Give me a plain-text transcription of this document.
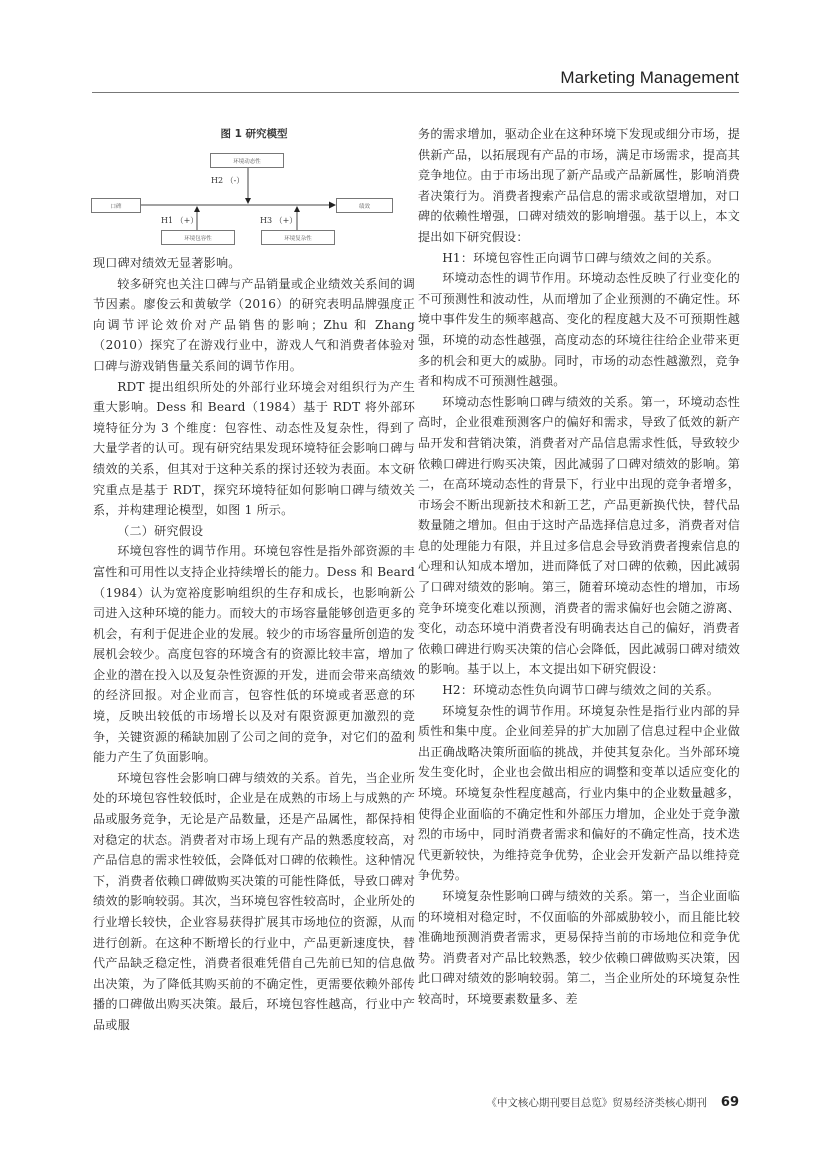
Marketing Management
图 1 研究模型
环境动态性
口碑	绩效
环境包容性	环境复杂性
H2 （-）
H1 （+）	H3 （+）

现口碑对绩效无显著影响。

较多研究也关注口碑与产品销量或企业绩效关系间的调节因素。廖俊云和黄敏学（2016）的研究表明品牌强度正向调节评论效价对产品销售的影响；Zhu 和 Zhang（2010）探究了在游戏行业中，游戏人气和消费者体验对口碑与游戏销售量关系间的调节作用。

RDT 提出组织所处的外部行业环境会对组织行为产生重大影响。Dess 和 Beard（1984）基于 RDT 将外部环境特征分为 3 个维度：包容性、动态性及复杂性，得到了大量学者的认可。现有研究结果发现环境特征会影响口碑与绩效的关系，但其对于这种关系的探讨还较为表面。本文研究重点是基于 RDT，探究环境特征如何影响口碑与绩效关系，并构建理论模型，如图 1 所示。

（二）研究假设

环境包容性的调节作用。环境包容性是指外部资源的丰富性和可用性以支持企业持续增长的能力。Dess 和 Beard（1984）认为宽裕度影响组织的生存和成长，也影响新公司进入这种环境的能力。而较大的市场容量能够创造更多的机会，有利于促进企业的发展。较少的市场容量所创造的发展机会较少。高度包容的环境含有的资源比较丰富，增加了企业的潜在投入以及复杂性资源的开发，进而会带来高绩效的经济回报。对企业而言，包容性低的环境或者恶意的环境，反映出较低的市场增长以及对有限资源更加激烈的竞争，关键资源的稀缺加剧了公司之间的竞争，对它们的盈利能力产生了负面影响。

环境包容性会影响口碑与绩效的关系。首先，当企业所处的环境包容性较低时，企业是在成熟的市场上与成熟的产品或服务竞争，无论是产品数量，还是产品属性，都保持相对稳定的状态。消费者对市场上现有产品的熟悉度较高，对产品信息的需求性较低，会降低对口碑的依赖性。这种情况下，消费者依赖口碑做购买决策的可能性降低，导致口碑对绩效的影响较弱。其次，当环境包容性较高时，企业所处的行业增长较快，企业容易获得扩展其市场地位的资源，从而进行创新。在这种不断增长的行业中，产品更新速度快，替代产品缺乏稳定性，消费者很难凭借自己先前已知的信息做出决策，为了降低其购买前的不确定性，更需要依赖外部传播的口碑做出购买决策。最后，环境包容性越高，行业中产品或服

务的需求增加，驱动企业在这种环境下发现或细分市场，提供新产品，以拓展现有产品的市场，满足市场需求，提高其竞争地位。由于市场出现了新产品或产品新属性，影响消费者决策行为。消费者搜索产品信息的需求或欲望增加，对口碑的依赖性增强，口碑对绩效的影响增强。基于以上，本文提出如下研究假设：

H1：环境包容性正向调节口碑与绩效之间的关系。

环境动态性的调节作用。环境动态性反映了行业变化的不可预测性和波动性，从而增加了企业预测的不确定性。环境中事件发生的频率越高、变化的程度越大及不可预期性越强，环境的动态性越强，高度动态的环境往往给企业带来更多的机会和更大的威胁。同时，市场的动态性越激烈，竞争者和构成不可预测性越强。

环境动态性影响口碑与绩效的关系。第一，环境动态性高时，企业很难预测客户的偏好和需求，导致了低效的新产品开发和营销决策，消费者对产品信息需求性低，导致较少依赖口碑进行购买决策，因此减弱了口碑对绩效的影响。第二，在高环境动态性的背景下，行业中出现的竞争者增多，市场会不断出现新技术和新工艺，产品更新换代快，替代品数量随之增加。但由于这时产品选择信息过多，消费者对信息的处理能力有限，并且过多信息会导致消费者搜索信息的心理和认知成本增加，进而降低了对口碑的依赖，因此减弱了口碑对绩效的影响。第三，随着环境动态性的增加，市场竞争环境变化难以预测，消费者的需求偏好也会随之游离、变化，动态环境中消费者没有明确表达自己的偏好，消费者依赖口碑进行购买决策的信心会降低，因此减弱口碑对绩效的影响。基于以上，本文提出如下研究假设：

H2：环境动态性负向调节口碑与绩效之间的关系。

环境复杂性的调节作用。环境复杂性是指行业内部的异质性和集中度。企业间差异的扩大加剧了信息过程中企业做出正确战略决策所面临的挑战，并使其复杂化。当外部环境发生变化时，企业也会做出相应的调整和变革以适应变化的环境。环境复杂性程度越高，行业内集中的企业数量越多，使得企业面临的不确定性和外部压力增加，企业处于竞争激烈的市场中，同时消费者需求和偏好的不确定性高，技术迭代更新较快，为维持竞争优势，企业会开发新产品以维持竞争优势。

环境复杂性影响口碑与绩效的关系。第一，当企业面临的环境相对稳定时，不仅面临的外部威胁较小，而且能比较准确地预测消费者需求，更易保持当前的市场地位和竞争优势。消费者对产品比较熟悉，较少依赖口碑做购买决策，因此口碑对绩效的影响较弱。第二，当企业所处的环境复杂性较高时，环境要素数量多、差

《中文核心期刊要目总览》贸易经济类核心期刊 69
